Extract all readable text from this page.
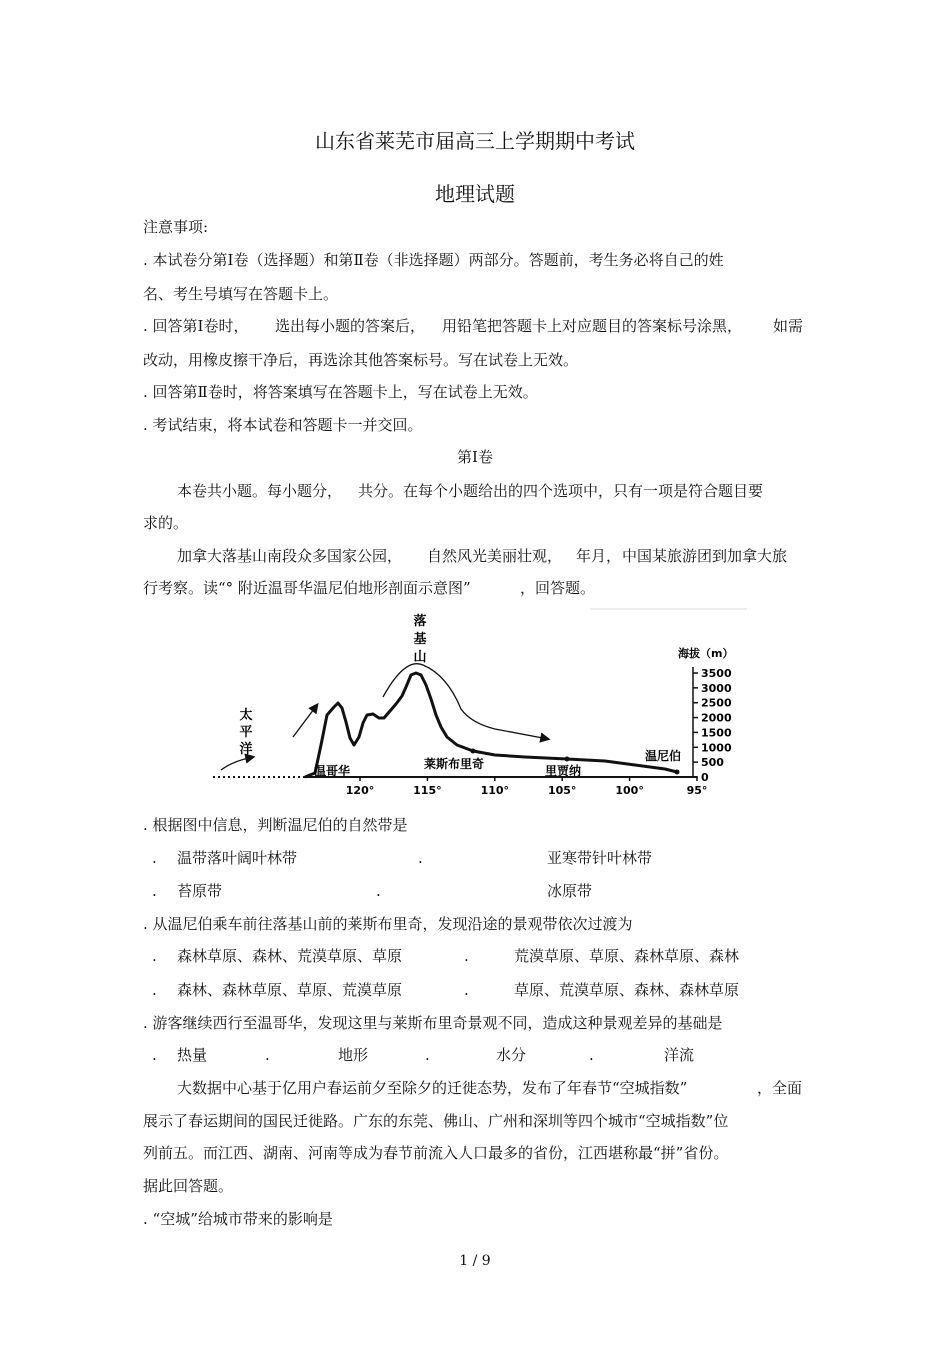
山东省莱芜市届高三上学期期中考试
地理试题
注意事项:
. 本试卷分第Ⅰ卷（选择题）和第Ⅱ卷（非选择题）两部分。答题前，考生务必将自己的姓
名、考生号填写在答题卡上。
. 回答第Ⅰ卷时， 选出每小题的答案后， 用铅笔把答题卡上对应题目的答案标号涂黑， 如需
改动，用橡皮擦干净后，再选涂其他答案标号。写在试卷上无效。
. 回答第Ⅱ卷时，将答案填写在答题卡上，写在试卷上无效。
. 考试结束，将本试卷和答题卡一并交回。
第Ⅰ卷
本卷共小题。每小题分， 共分。在每个小题给出的四个选项中，只有一项是符合题目要
求的。
加拿大落基山南段众多国家公园， 自然风光美丽壮观， 年月， 中国某旅游团到加拿大旅
行考察。读“° 附近温哥华温尼伯地形剖面示意图”	，回答题。
落
基
山
太
平
洋
温哥华	莱斯布里奇	里贾纳
温尼伯
120°	115°	110°	105°	100°	95°
海拔（m）
3500
3000
2500
2000
1500
1000
500
0
. 根据图中信息，判断温尼伯的自然带是
. 温带落叶阔叶林带	.	亚寒带针叶林带
. 苔原带	.	冰原带
. 从温尼伯乘车前往落基山前的莱斯布里奇，发现沿途的景观带依次过渡为
. 森林草原、森林、荒漠草原、草原	.	荒漠草原、草原、森林草原、森林
. 森林、森林草原、草原、荒漠草原	.	草原、荒漠草原、森林、森林草原
. 游客继续西行至温哥华，发现这里与莱斯布里奇景观不同，造成这种景观差异的基础是
. 热量	.	地形	.	水分	.	洋流
大数据中心基于亿用户春运前夕至除夕的迁徙态势，发布了年春节“空城指数”	，全面
展示了春运期间的国民迁徙路。广东的东莞、佛山、广州和深圳等四个城市“空城指数”位
列前五。而江西、湖南、河南等成为春节前流入人口最多的省份，江西堪称最“拼”省份。
据此回答题。
. “空城”给城市带来的影响是
1 / 9
